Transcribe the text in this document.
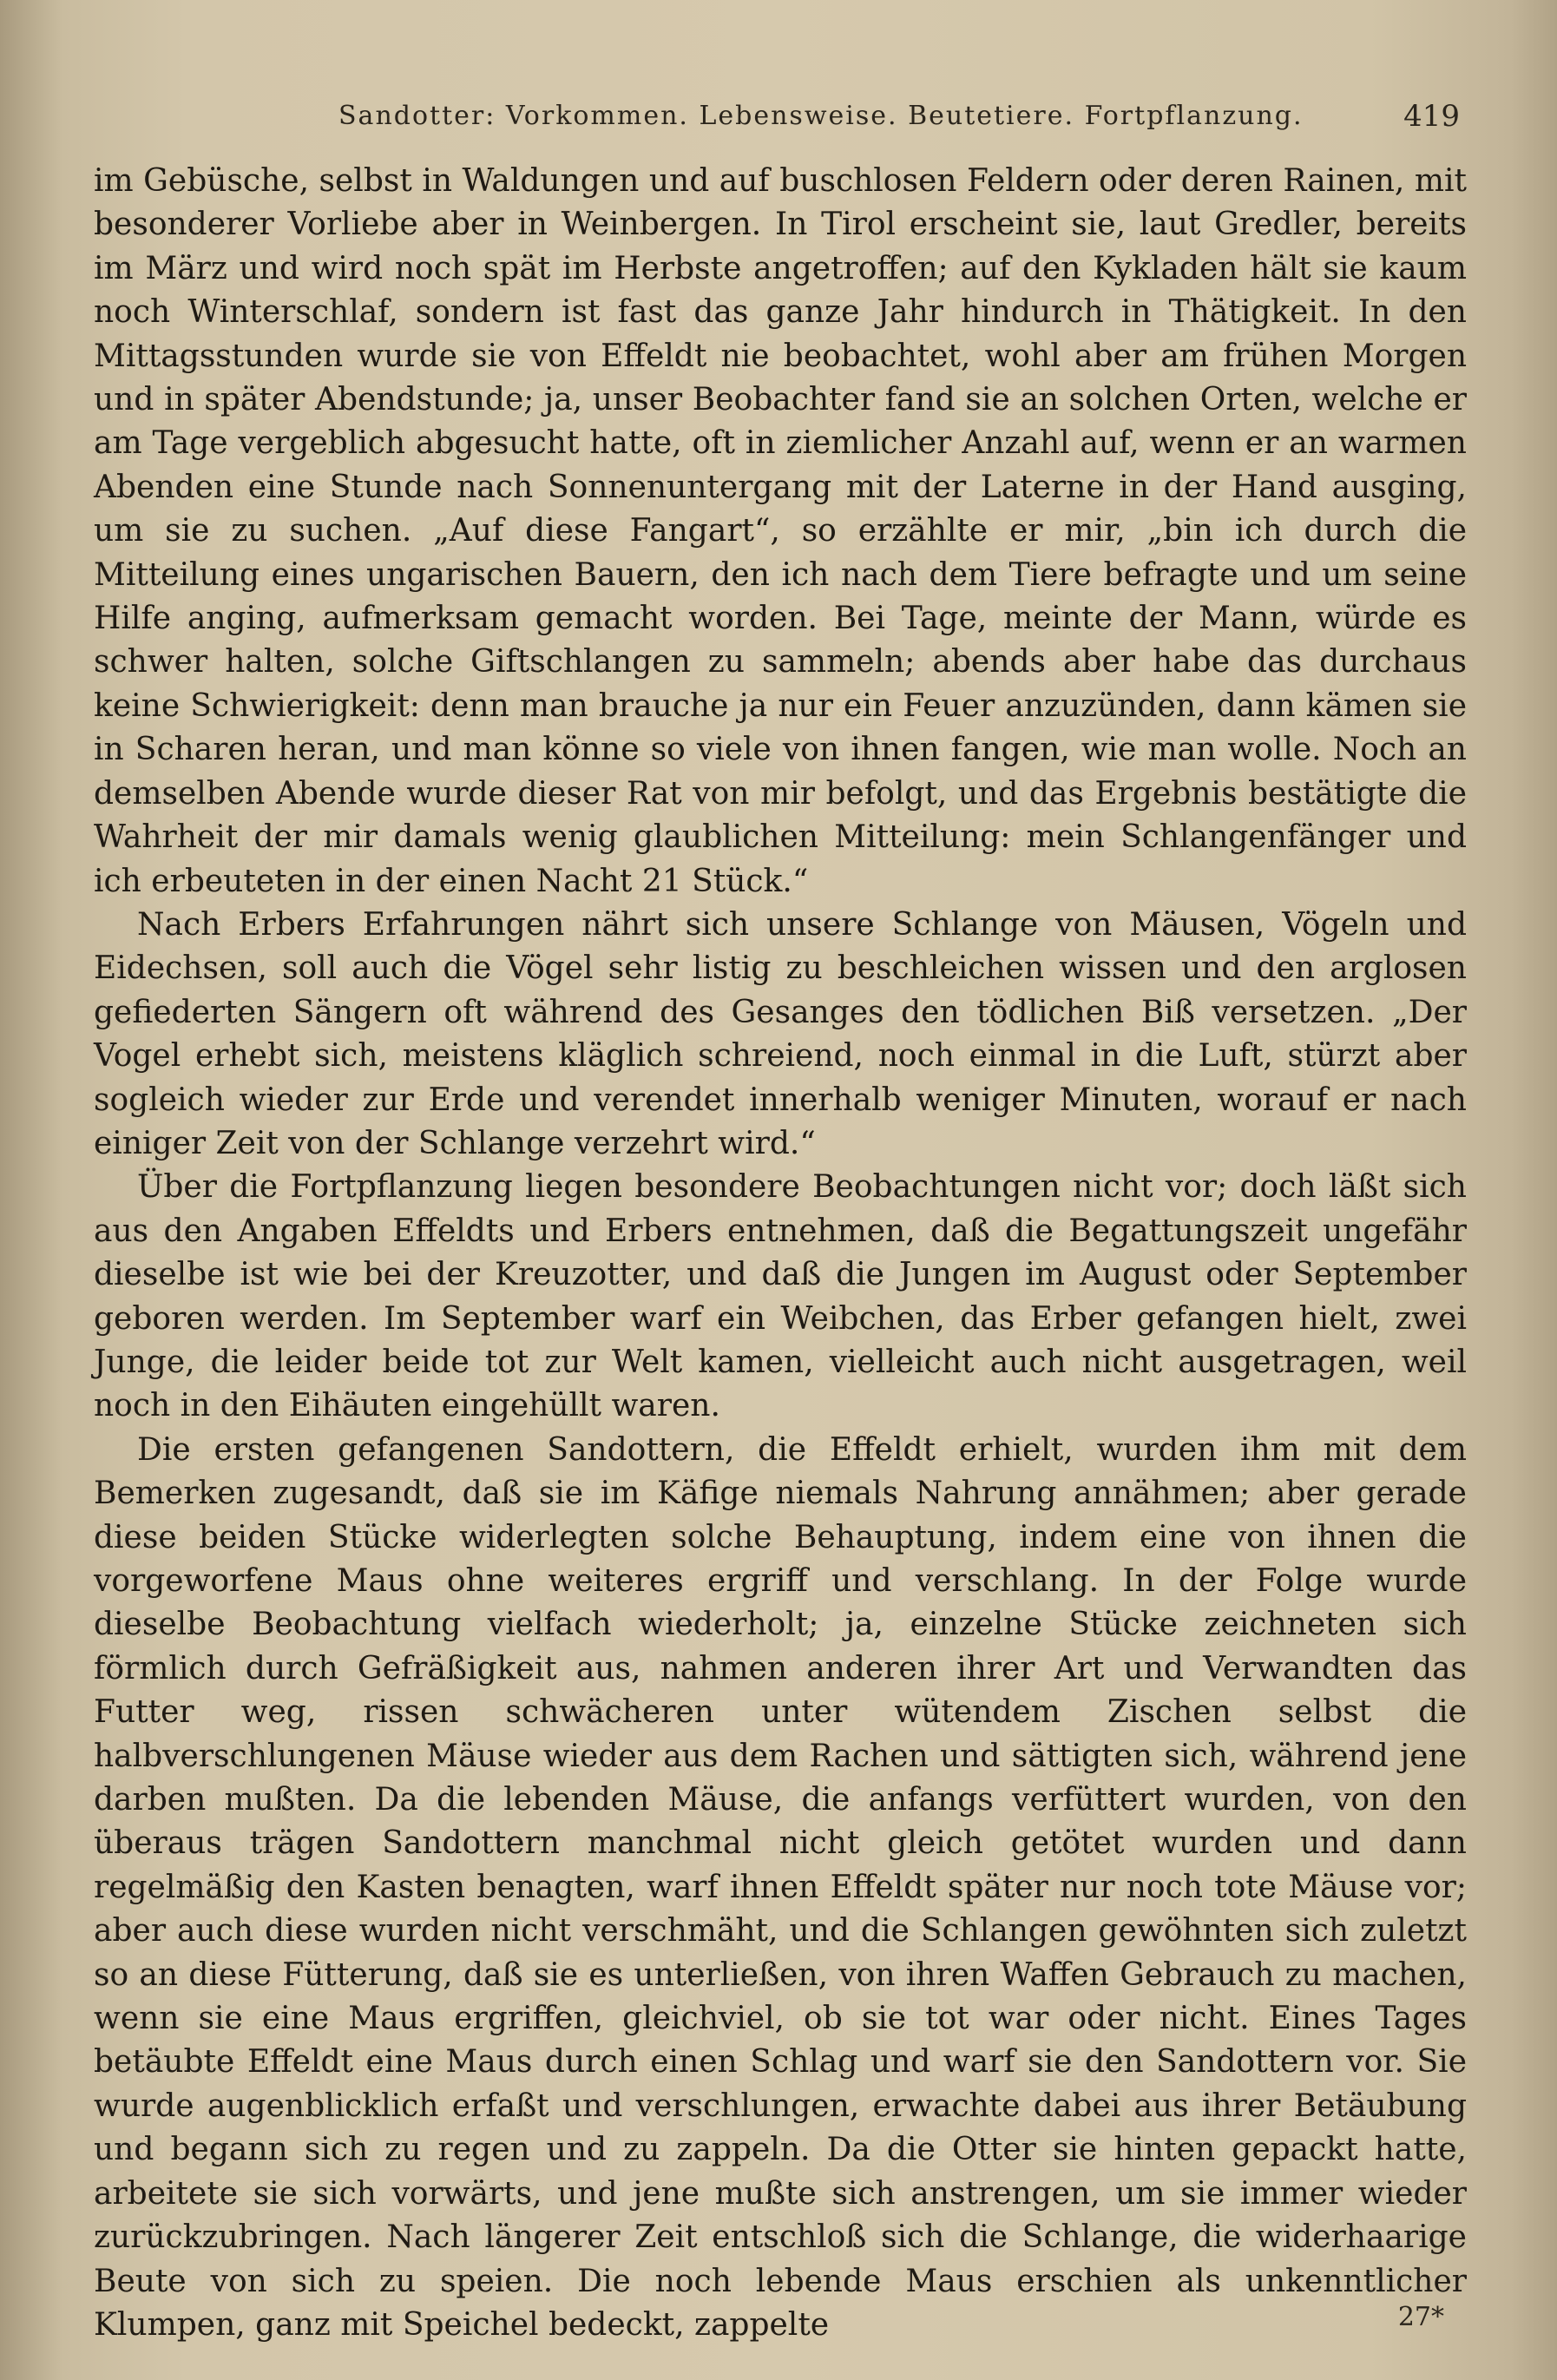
Sandotter: Vorkommen. Lebensweise. Beutetiere. Fortpflanzung.	419

im Gebüsche, selbst in Waldungen und auf buschlosen Feldern oder deren Rainen, mit besonderer Vorliebe aber in Weinbergen. In Tirol erscheint sie, laut Gredler, bereits im März und wird noch spät im Herbste angetroffen; auf den Kykladen hält sie kaum noch Winterschlaf, sondern ist fast das ganze Jahr hindurch in Thätigkeit. In den Mittagsstunden wurde sie von Effeldt nie beobachtet, wohl aber am frühen Morgen und in später Abendstunde; ja, unser Beobachter fand sie an solchen Orten, welche er am Tage vergeblich abgesucht hatte, oft in ziemlicher Anzahl auf, wenn er an warmen Abenden eine Stunde nach Sonnenuntergang mit der Laterne in der Hand ausging, um sie zu suchen. „Auf diese Fangart“, so erzählte er mir, „bin ich durch die Mitteilung eines ungarischen Bauern, den ich nach dem Tiere befragte und um seine Hilfe anging, aufmerksam gemacht worden. Bei Tage, meinte der Mann, würde es schwer halten, solche Giftschlangen zu sammeln; abends aber habe das durchaus keine Schwierigkeit: denn man brauche ja nur ein Feuer anzuzünden, dann kämen sie in Scharen heran, und man könne so viele von ihnen fangen, wie man wolle. Noch an demselben Abende wurde dieser Rat von mir befolgt, und das Ergebnis bestätigte die Wahrheit der mir damals wenig glaublichen Mitteilung: mein Schlangenfänger und ich erbeuteten in der einen Nacht 21 Stück.“

Nach Erbers Erfahrungen nährt sich unsere Schlange von Mäusen, Vögeln und Eidechsen, soll auch die Vögel sehr listig zu beschleichen wissen und den arglosen gefiederten Sängern oft während des Gesanges den tödlichen Biß versetzen. „Der Vogel erhebt sich, meistens kläglich schreiend, noch einmal in die Luft, stürzt aber sogleich wieder zur Erde und verendet innerhalb weniger Minuten, worauf er nach einiger Zeit von der Schlange verzehrt wird.“

Über die Fortpflanzung liegen besondere Beobachtungen nicht vor; doch läßt sich aus den Angaben Effeldts und Erbers entnehmen, daß die Begattungszeit ungefähr dieselbe ist wie bei der Kreuzotter, und daß die Jungen im August oder September geboren werden. Im September warf ein Weibchen, das Erber gefangen hielt, zwei Junge, die leider beide tot zur Welt kamen, vielleicht auch nicht ausgetragen, weil noch in den Eihäuten eingehüllt waren.

Die ersten gefangenen Sandottern, die Effeldt erhielt, wurden ihm mit dem Bemerken zugesandt, daß sie im Käfige niemals Nahrung annähmen; aber gerade diese beiden Stücke widerlegten solche Behauptung, indem eine von ihnen die vorgeworfene Maus ohne weiteres ergriff und verschlang. In der Folge wurde dieselbe Beobachtung vielfach wiederholt; ja, einzelne Stücke zeichneten sich förmlich durch Gefräßigkeit aus, nahmen anderen ihrer Art und Verwandten das Futter weg, rissen schwächeren unter wütendem Zischen selbst die halbverschlungenen Mäuse wieder aus dem Rachen und sättigten sich, während jene darben mußten. Da die lebenden Mäuse, die anfangs verfüttert wurden, von den überaus trägen Sandottern manchmal nicht gleich getötet wurden und dann regelmäßig den Kasten benagten, warf ihnen Effeldt später nur noch tote Mäuse vor; aber auch diese wurden nicht verschmäht, und die Schlangen gewöhnten sich zuletzt so an diese Fütterung, daß sie es unterließen, von ihren Waffen Gebrauch zu machen, wenn sie eine Maus ergriffen, gleichviel, ob sie tot war oder nicht. Eines Tages betäubte Effeldt eine Maus durch einen Schlag und warf sie den Sandottern vor. Sie wurde augenblicklich erfaßt und verschlungen, erwachte dabei aus ihrer Betäubung und begann sich zu regen und zu zappeln. Da die Otter sie hinten gepackt hatte, arbeitete sie sich vorwärts, und jene mußte sich anstrengen, um sie immer wieder zurückzubringen. Nach längerer Zeit entschloß sich die Schlange, die widerhaarige Beute von sich zu speien. Die noch lebende Maus erschien als unkenntlicher Klumpen, ganz mit Speichel bedeckt, zappelte	27*
